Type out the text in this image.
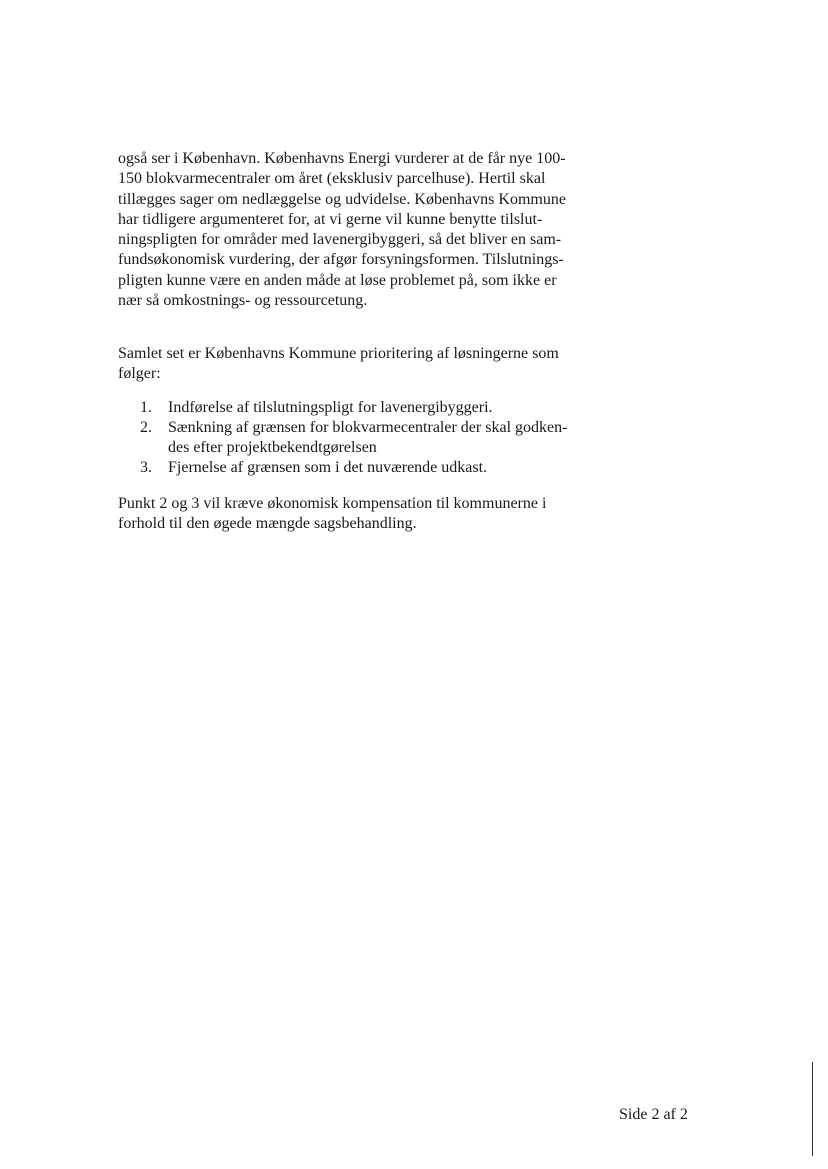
også ser i København. Københavns Energi vurderer at de får nye 100-
150 blokvarmecentraler om året (eksklusiv parcelhuse). Hertil skal
tillægges sager om nedlæggelse og udvidelse. Københavns Kommune
har tidligere argumenteret for, at vi gerne vil kunne benytte tilslut-
ningspligten for områder med lavenergibyggeri, så det bliver en sam-
fundsøkonomisk vurdering, der afgør forsyningsformen. Tilslutnings-
pligten kunne være en anden måde at løse problemet på, som ikke er
nær så omkostnings- og ressourcetung.

Samlet set er Københavns Kommune prioritering af løsningerne som
følger:

1.	Indførelse af tilslutningspligt for lavenergibyggeri.
2.	Sænkning af grænsen for blokvarmecentraler der skal godken-
des efter projektbekendtgørelsen
3.	Fjernelse af grænsen som i det nuværende udkast.

Punkt 2 og 3 vil kræve økonomisk kompensation til kommunerne i
forhold til den øgede mængde sagsbehandling.

Side 2 af 2
